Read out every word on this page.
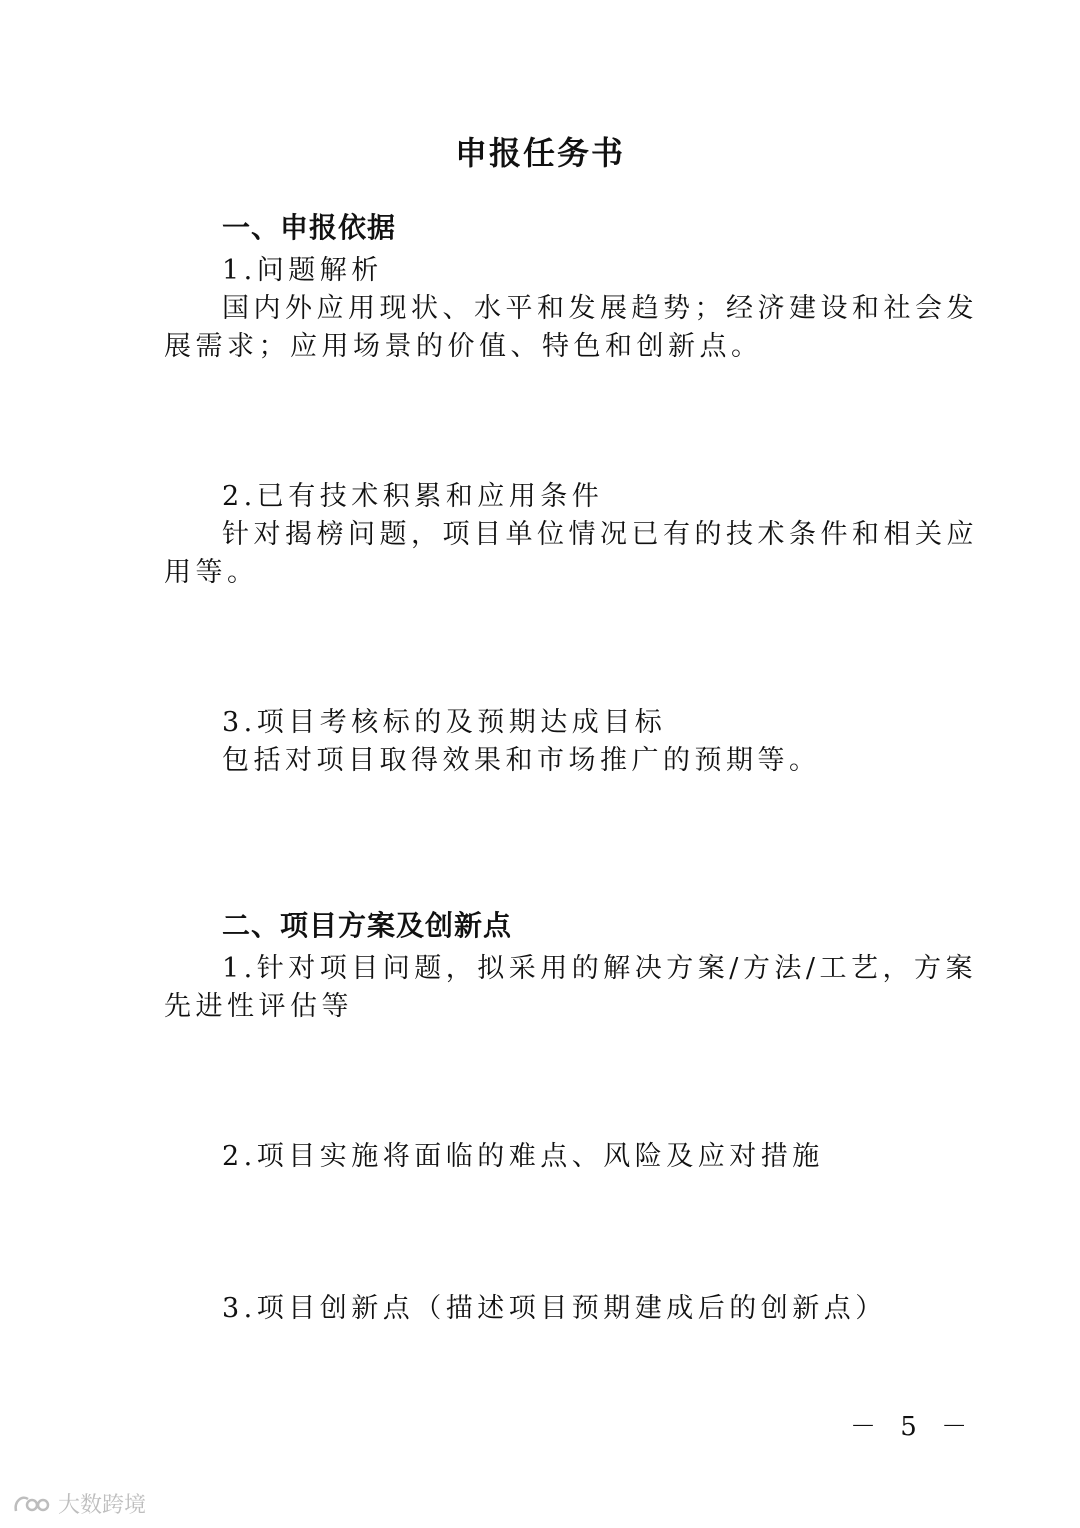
申报任务书
一、申报依据
1.问题解析
国内外应用现状、水平和发展趋势；经济建设和社会发
展需求；应用场景的价值、特色和创新点。
2.已有技术积累和应用条件
针对揭榜问题，项目单位情况已有的技术条件和相关应
用等。
3.项目考核标的及预期达成目标
包括对项目取得效果和市场推广的预期等。
二、项目方案及创新点
1.针对项目问题，拟采用的解决方案/方法/工艺，方案
先进性评估等
2.项目实施将面临的难点、风险及应对措施
3.项目创新点（描述项目预期建成后的创新点）
－ 5 －
大数跨境
